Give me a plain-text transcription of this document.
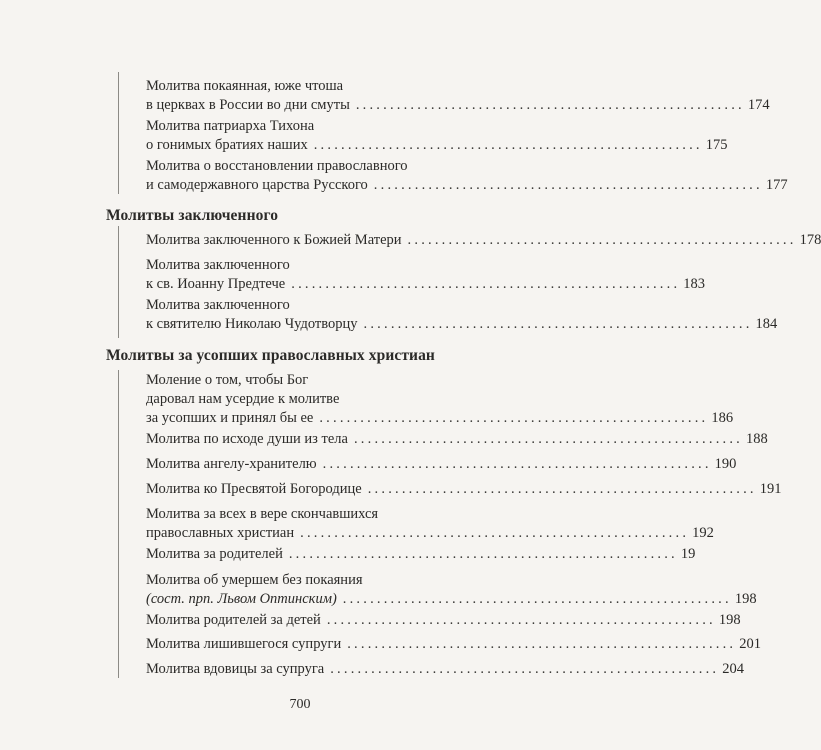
Молитва покаянная, юже чтоша
в церквах в России во дни смуты ......................................................... 174
Молитва патриарха Тихона
о гонимых братиях наших ......................................................... 175
Молитва о восстановлении православного
и самодержавного царства Русского ......................................................... 177
Молитвы заключенного
Молитва заключенного к Божией Матери ......................................................... 178
Молитва заключенного
к св. Иоанну Предтече ......................................................... 183
Молитва заключенного
к святителю Николаю Чудотворцу ......................................................... 184
Молитвы за усопших православных христиан
Моление о том, чтобы Бог
даровал нам усердие к молитве
за усопших и принял бы ее ......................................................... 186
Молитва по исходе души из тела ......................................................... 188
Молитва ангелу-хранителю ......................................................... 190
Молитва ко Пресвятой Богородице ......................................................... 191
Молитва за всех в вере скончавшихся
православных христиан ......................................................... 192
Молитва за родителей ......................................................... 19
Молитва об умершем без покаяния
(сост. прп. Львом Оптинским) ......................................................... 198
Молитва родителей за детей ......................................................... 198
Молитва лишившегося супруги ......................................................... 201
Молитва вдовицы за супруга ......................................................... 204
700
